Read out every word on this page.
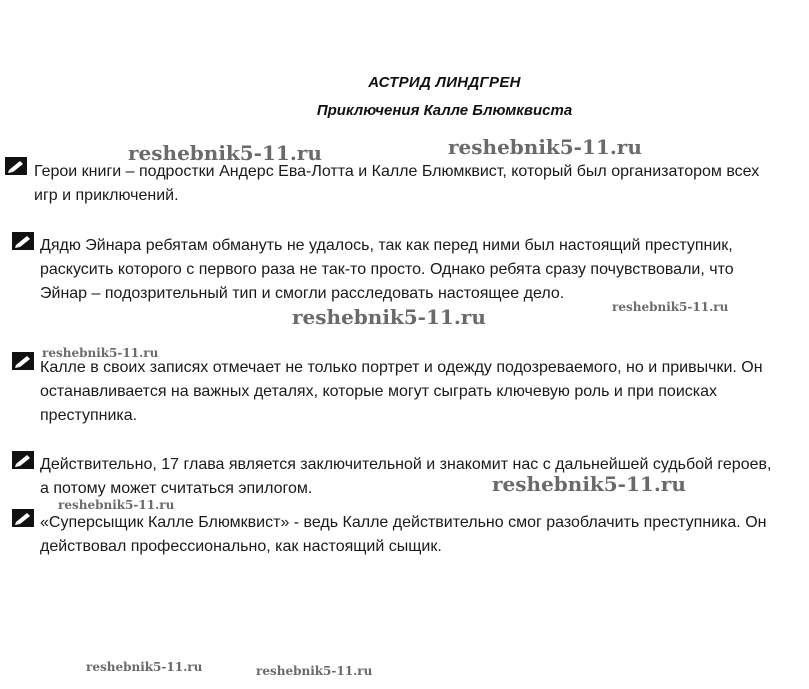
АСТРИД ЛИНДГРЕН
Приключения Калле Блюмквиста
Герои книги – подростки Андерс Ева-Лотта и Калле Блюмквист, который был организатором всех игр и приключений.
Дядю Эйнара ребятам обмануть не удалось, так как перед ними был настоящий преступник, раскусить которого с первого раза не так-то просто. Однако ребята сразу почувствовали, что Эйнар – подозрительный тип и смогли расследовать настоящее дело.
Калле в своих записях отмечает не только портрет и одежду подозреваемого, но и привычки. Он останавливается на важных деталях, которые могут сыграть ключевую роль и при поисках преступника.
Действительно, 17 глава является заключительной и знакомит нас с дальнейшей судьбой героев, а потому может считаться эпилогом.
«Суперсыщик Калле Блюмквист» - ведь Калле действительно смог разоблачить преступника. Он действовал профессионально, как настоящий сыщик.
reshebnik5-11.ru	reshebnik5-11.ru
reshebnik5-11.ru	reshebnik5-11.ru
reshebnik5-11.ru
reshebnik5-11.ru
reshebnik5-11.ru
reshebnik5-11.ru	reshebnik5-11.ru
